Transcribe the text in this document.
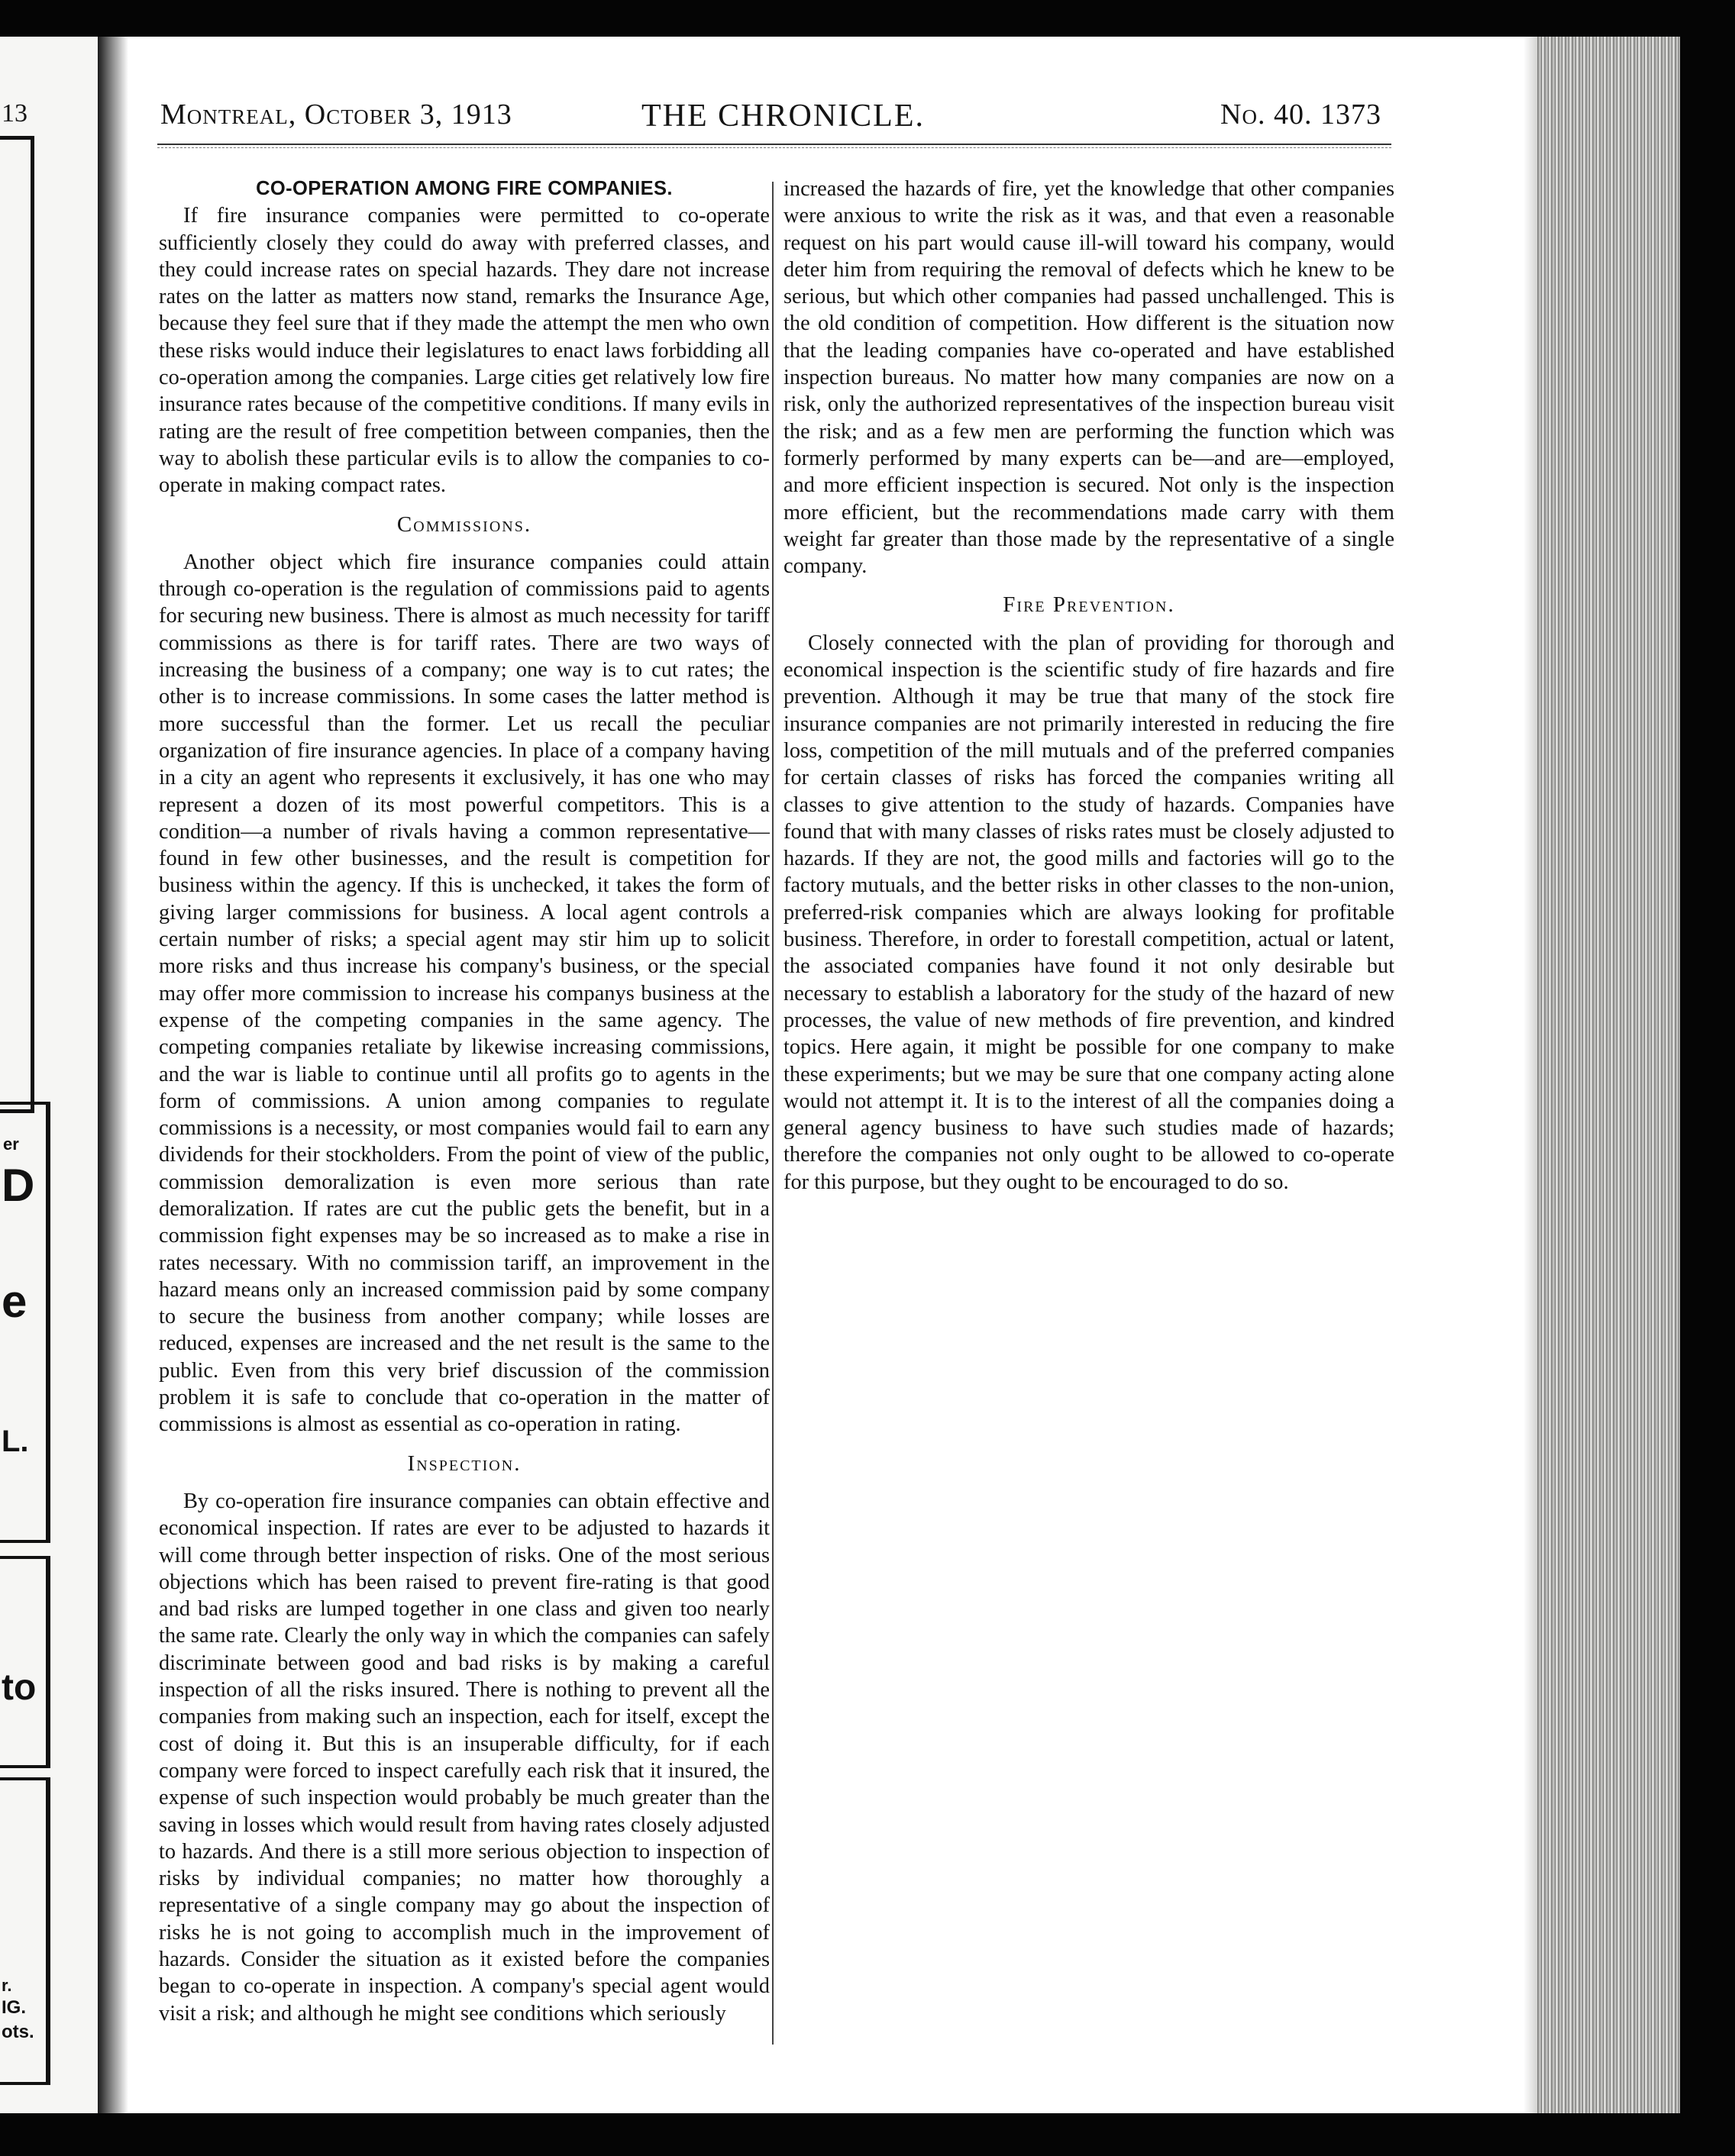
13
er
D
e
L.
to
r.
IG.
ots.
Montreal, October 3, 1913	THE CHRONICLE.	No. 40. 1373
CO-OPERATION AMONG FIRE COMPANIES.

If fire insurance companies were permitted to co-operate sufficiently closely they could do away with preferred classes, and they could increase rates on special hazards. They dare not increase rates on the latter as matters now stand, remarks the Insurance Age, because they feel sure that if they made the attempt the men who own these risks would induce their legislatures to enact laws forbidding all co-operation among the companies. Large cities get relatively low fire insurance rates because of the competitive conditions. If many evils in rating are the result of free competition between companies, then the way to abolish these particular evils is to allow the companies to co-operate in making compact rates.

Commissions.

Another object which fire insurance companies could attain through co-operation is the regulation of commissions paid to agents for securing new business. There is almost as much necessity for tariff commissions as there is for tariff rates. There are two ways of increasing the business of a company; one way is to cut rates; the other is to increase commissions. In some cases the latter method is more successful than the former. Let us recall the peculiar organization of fire insurance agencies. In place of a company having in a city an agent who represents it exclusively, it has one who may represent a dozen of its most powerful competitors. This is a condition—a number of rivals having a common representative—found in few other businesses, and the result is competition for business within the agency. If this is unchecked, it takes the form of giving larger commissions for business. A local agent controls a certain number of risks; a special agent may stir him up to solicit more risks and thus increase his company's business, or the special may offer more commission to increase his companys business at the expense of the competing companies in the same agency. The competing companies retaliate by likewise increasing commissions, and the war is liable to continue until all profits go to agents in the form of commissions. A union among companies to regulate commissions is a necessity, or most companies would fail to earn any dividends for their stockholders. From the point of view of the public, commission demoralization is even more serious than rate demoralization. If rates are cut the public gets the benefit, but in a commission fight expenses may be so increased as to make a rise in rates necessary. With no commission tariff, an improvement in the hazard means only an increased commission paid by some company to secure the business from another company; while losses are reduced, expenses are increased and the net result is the same to the public. Even from this very brief discussion of the commission problem it is safe to conclude that co-operation in the matter of commissions is almost as essential as co-operation in rating.

Inspection.

By co-operation fire insurance companies can obtain effective and economical inspection. If rates are ever to be adjusted to hazards it will come through better inspection of risks. One of the most serious objections which has been raised to prevent fire-rating is that good and bad risks are lumped together in one class and given too nearly the same rate. Clearly the only way in which the companies can safely discriminate between good and bad risks is by making a careful inspection of all the risks insured. There is nothing to prevent all the companies from making such an inspection, each for itself, except the cost of doing it. But this is an insuperable difficulty, for if each company were forced to inspect carefully each risk that it insured, the expense of such inspection would probably be much greater than the saving in losses which would result from having rates closely adjusted to hazards. And there is a still more serious objection to inspection of risks by individual companies; no matter how thoroughly a representative of a single company may go about the inspection of risks he is not going to accomplish much in the improvement of hazards. Consider the situation as it existed before the companies began to co-operate in inspection. A company's special agent would visit a risk; and although he might see conditions which seriously

increased the hazards of fire, yet the knowledge that other companies were anxious to write the risk as it was, and that even a reasonable request on his part would cause ill-will toward his company, would deter him from requiring the removal of defects which he knew to be serious, but which other companies had passed unchallenged. This is the old condition of competition. How different is the situation now that the leading companies have co-operated and have established inspection bureaus. No matter how many companies are now on a risk, only the authorized representatives of the inspection bureau visit the risk; and as a few men are performing the function which was formerly performed by many experts can be—and are—employed, and more efficient inspection is secured. Not only is the inspection more efficient, but the recommendations made carry with them weight far greater than those made by the representative of a single company.

Fire Prevention.

Closely connected with the plan of providing for thorough and economical inspection is the scientific study of fire hazards and fire prevention. Although it may be true that many of the stock fire insurance companies are not primarily interested in reducing the fire loss, competition of the mill mutuals and of the preferred companies for certain classes of risks has forced the companies writing all classes to give attention to the study of hazards. Companies have found that with many classes of risks rates must be closely adjusted to hazards. If they are not, the good mills and factories will go to the factory mutuals, and the better risks in other classes to the non-union, preferred-risk companies which are always looking for profitable business. Therefore, in order to forestall competition, actual or latent, the associated companies have found it not only desirable but necessary to establish a laboratory for the study of the hazard of new processes, the value of new methods of fire prevention, and kindred topics. Here again, it might be possible for one company to make these experiments; but we may be sure that one company acting alone would not attempt it. It is to the interest of all the companies doing a general agency business to have such studies made of hazards; therefore the companies not only ought to be allowed to co-operate for this purpose, but they ought to be encouraged to do so.
